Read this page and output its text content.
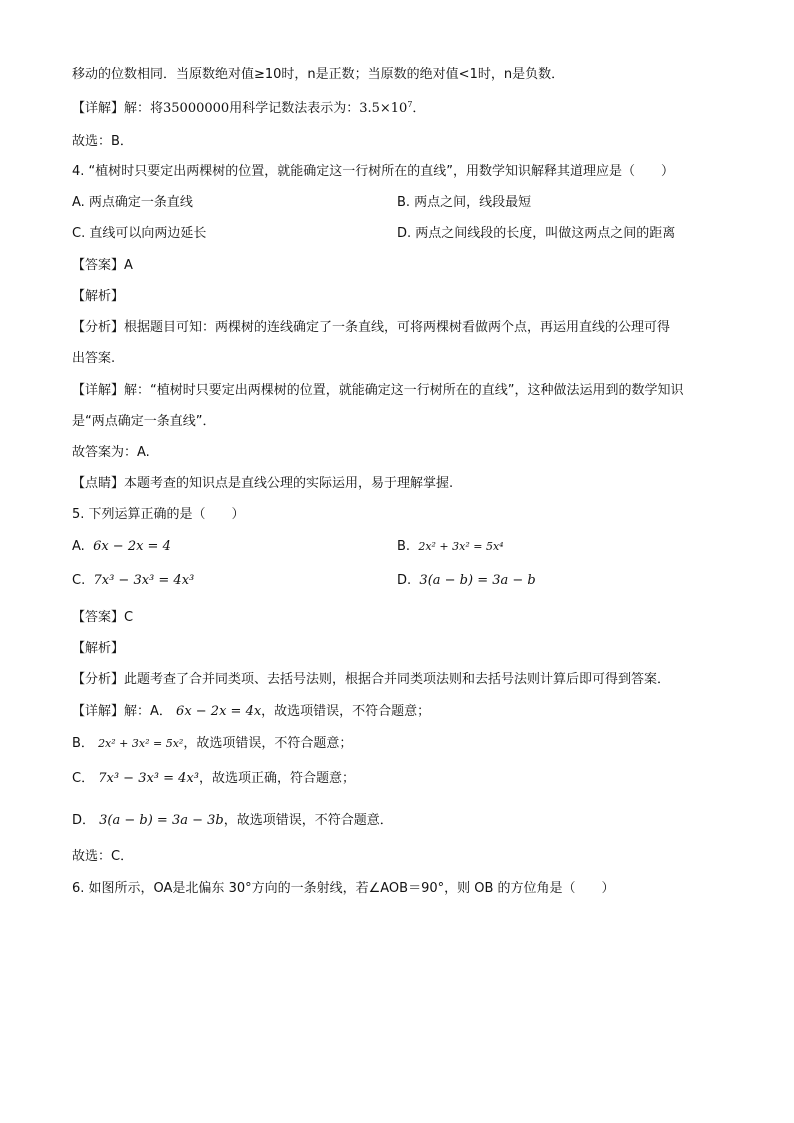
移动的位数相同．当原数绝对值≥10时，n是正数；当原数的绝对值<1时，n是负数．
【详解】解：将35000000用科学记数法表示为：$3.5\times 10^7$．
故选：B．
4. “植树时只要定出两棵树的位置，就能确定这一行树所在的直线”，用数学知识解释其道理应是（　　）
A. 两点确定一条直线	B. 两点之间，线段最短
C. 直线可以向两边延长	D. 两点之间线段的长度，叫做这两点之间的距离
【答案】A
【解析】
【分析】根据题目可知：两棵树的连线确定了一条直线，可将两棵树看做两个点，再运用直线的公理可得
出答案.
【详解】解：“植树时只要定出两棵树的位置，就能确定这一行树所在的直线”，这种做法运用到的数学知识
是“两点确定一条直线”．
故答案为：A.
【点睛】本题考查的知识点是直线公理的实际运用，易于理解掌握.
5. 下列运算正确的是（　　）
A. 6x − 2x = 4	B. 2x² + 3x² = 5x⁴
C. 7x³ − 3x³ = 4x³	D. 3(a − b) = 3a − b
【答案】C
【解析】
【分析】此题考查了合并同类项、去括号法则，根据合并同类项法则和去括号法则计算后即可得到答案．
【详解】解：A． 6x − 2x = 4x，故选项错误，不符合题意；
B． 2x² + 3x² = 5x²，故选项错误，不符合题意；
C． 7x³ − 3x³ = 4x³，故选项正确，符合题意；
D． 3(a − b) = 3a − 3b，故选项错误，不符合题意．
故选：C．
6. 如图所示，OA是北偏东 30°方向的一条射线，若∠AOB＝90°，则 OB 的方位角是（　　）
